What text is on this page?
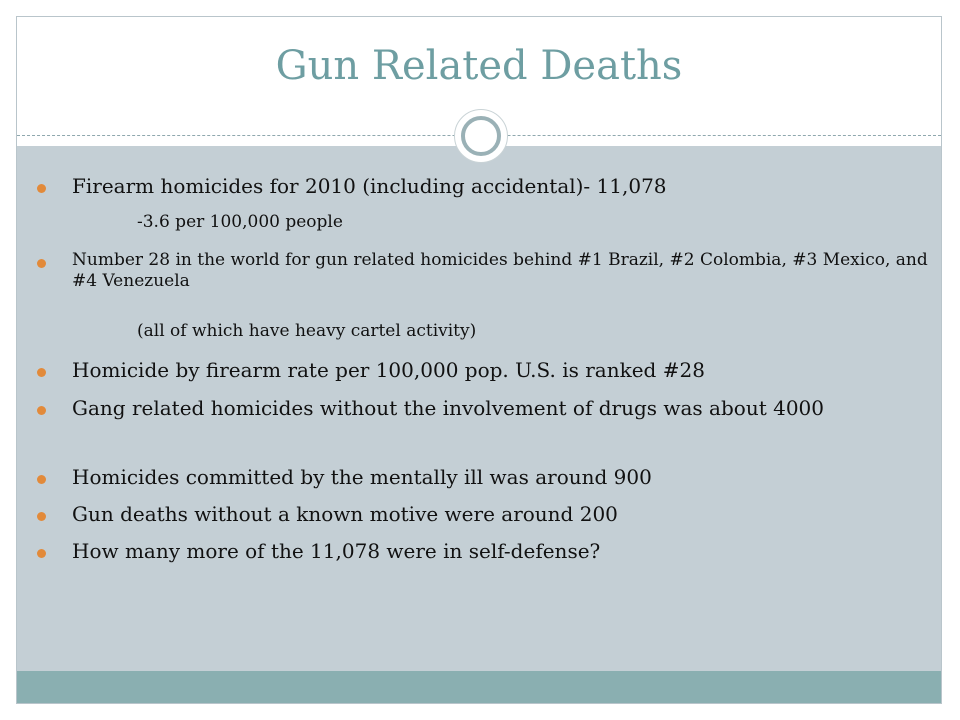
Gun Related Deaths

Firearm homicides for 2010 (including accidental)- 11,078

-3.6 per 100,000 people

Number 28 in the world for gun related homicides behind #1 Brazil, #2 Colombia, #3 Mexico, and #4 Venezuela

(all of which have heavy cartel activity)

Homicide by firearm rate per 100,000 pop. U.S. is ranked #28

Gang related homicides without the involvement of drugs was about 4000

Homicides committed by the mentally ill was around 900

Gun deaths without a known motive were around 200

How many more of the 11,078 were in self-defense?
